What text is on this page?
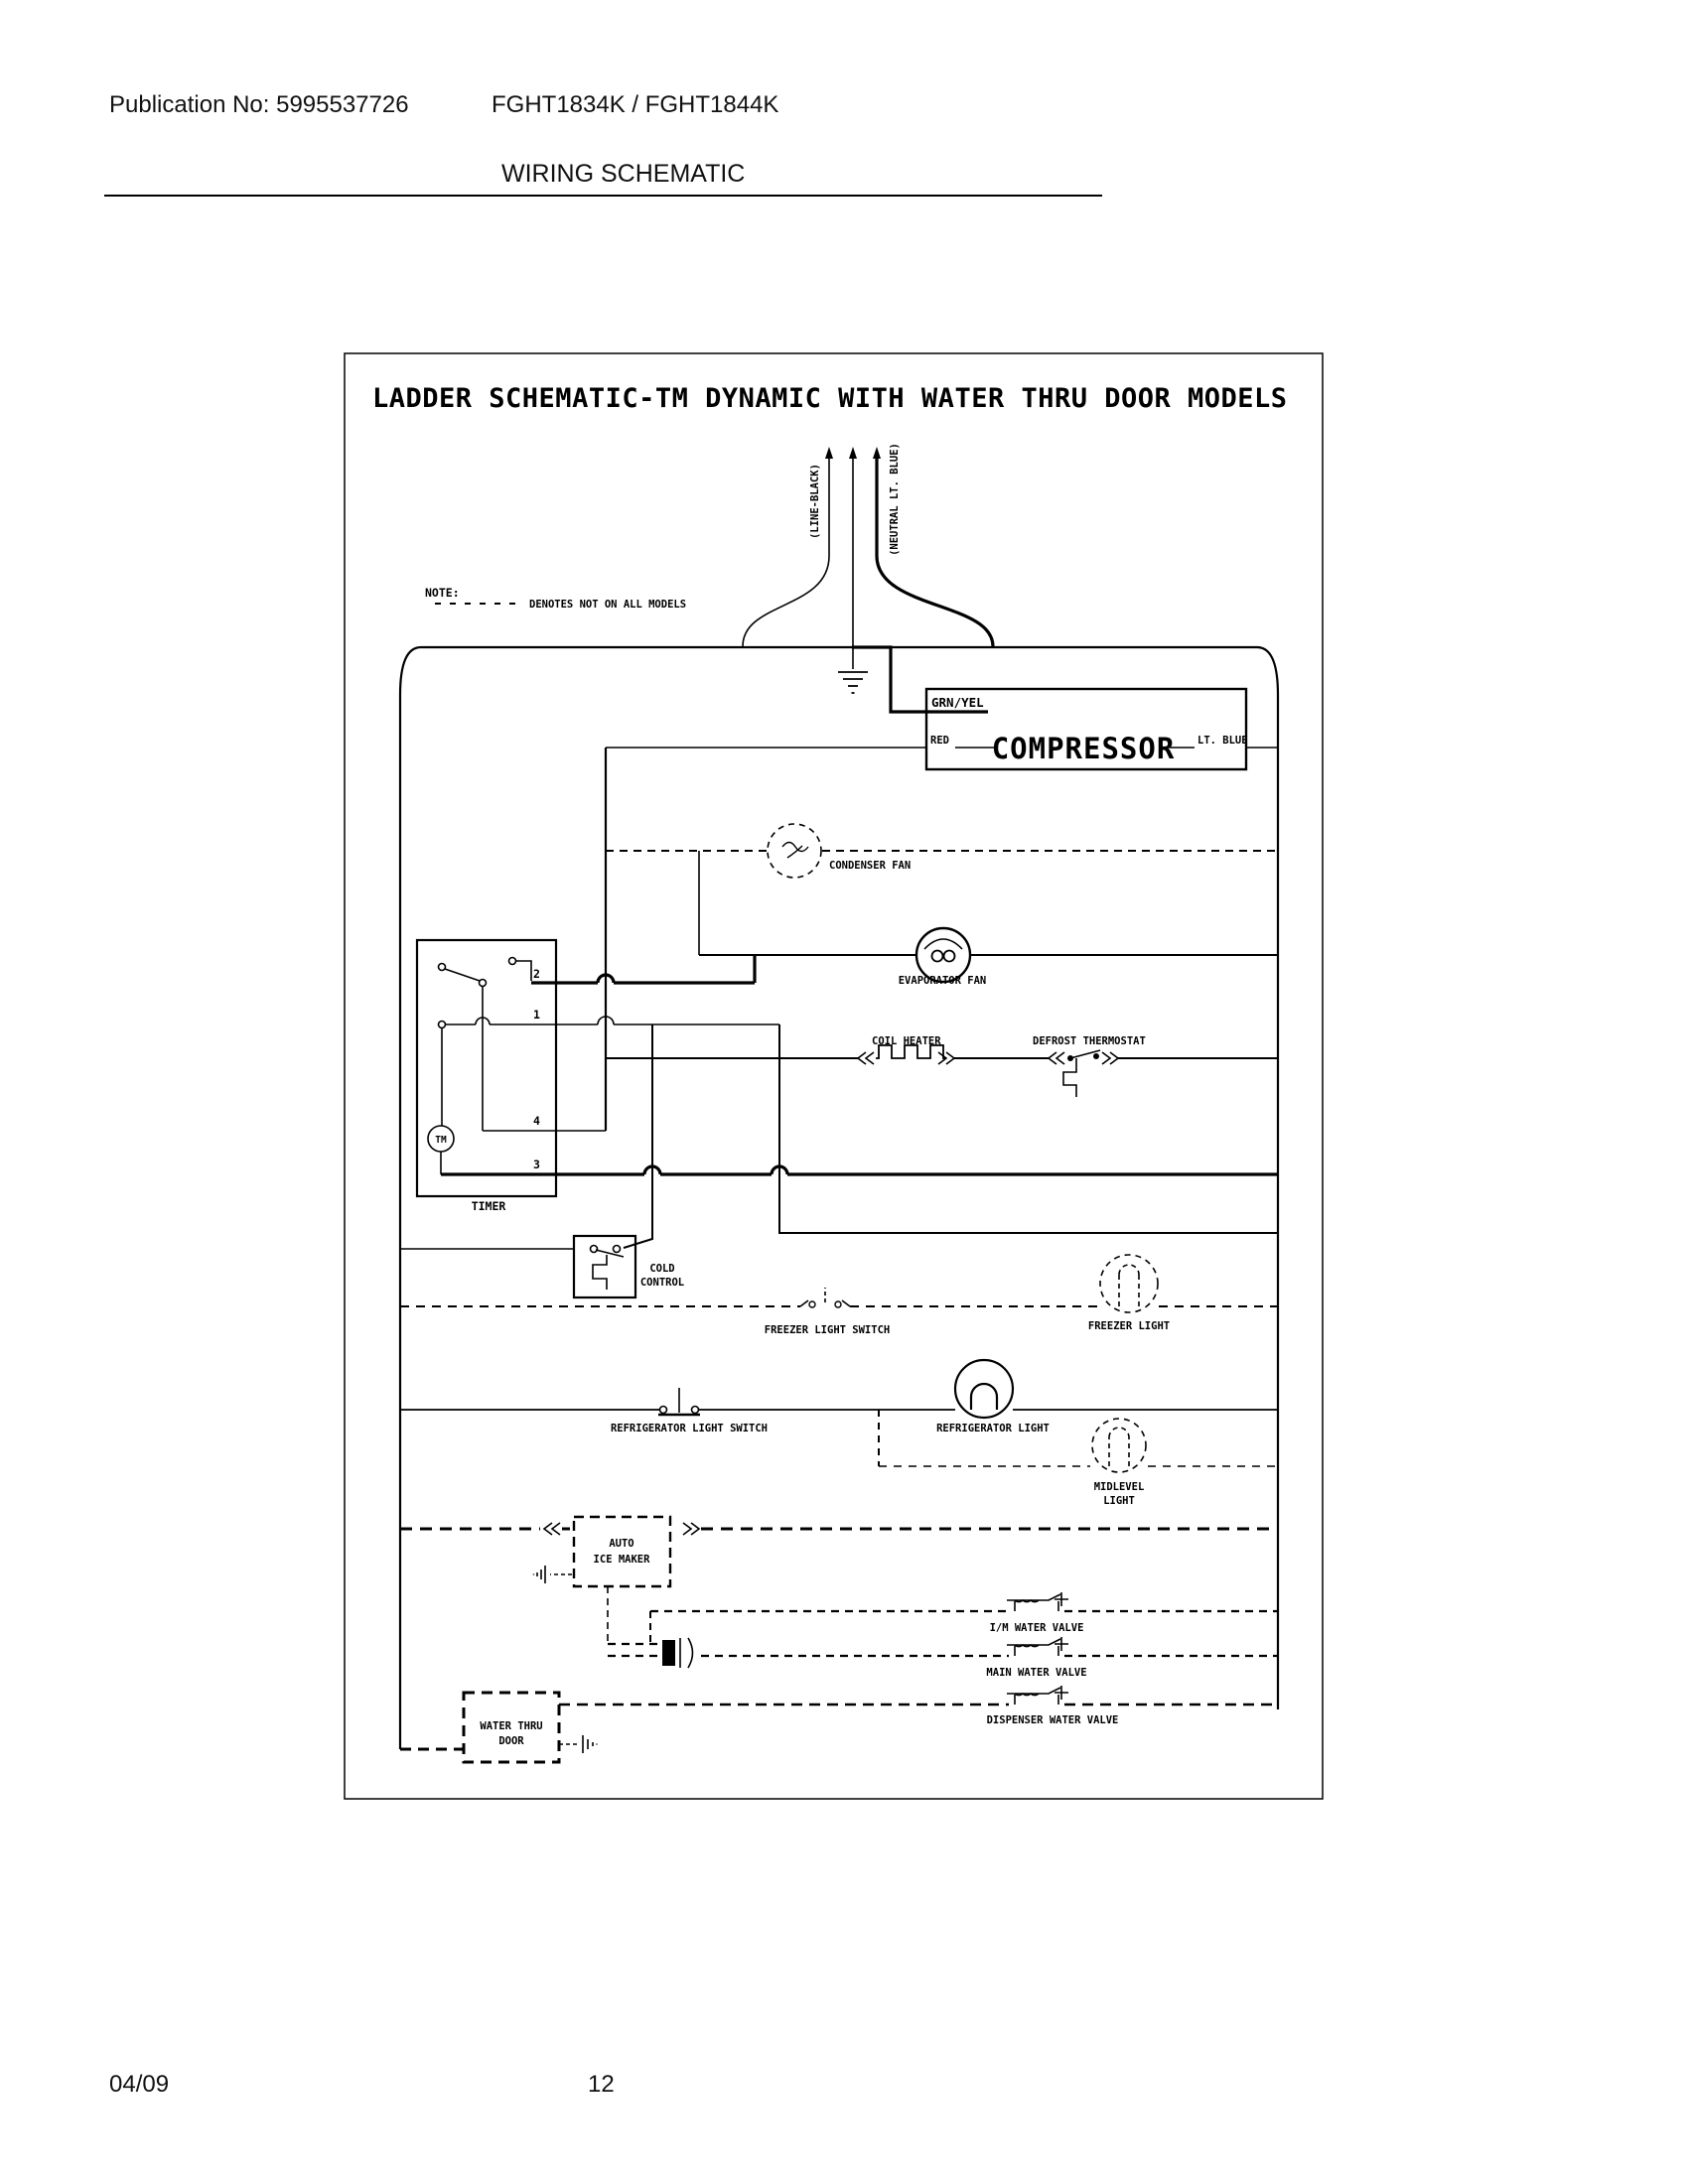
Publication No: 5995537726	FGHT1834K / FGHT1844K
WIRING SCHEMATIC
04/09	12
LADDER SCHEMATIC-TM DYNAMIC WITH WATER THRU DOOR MODELS
NOTE:
DENOTES NOT ON ALL MODELS
(LINE-BLACK)	(NEUTRAL LT. BLUE)
GRN/YEL
RED	LT. BLUE
COMPRESSOR
CONDENSER FAN
EVAPORATOR FAN
COIL HEATER	DEFROST THERMOSTAT
TM
2
1
4
3
TIMER
COLD
CONTROL
FREEZER LIGHT SWITCH	FREEZER LIGHT
REFRIGERATOR LIGHT SWITCH	REFRIGERATOR LIGHT
MIDLEVEL
LIGHT
AUTO
ICE MAKER
I/M WATER VALVE
MAIN WATER VALVE
DISPENSER WATER VALVE
WATER THRU
DOOR
